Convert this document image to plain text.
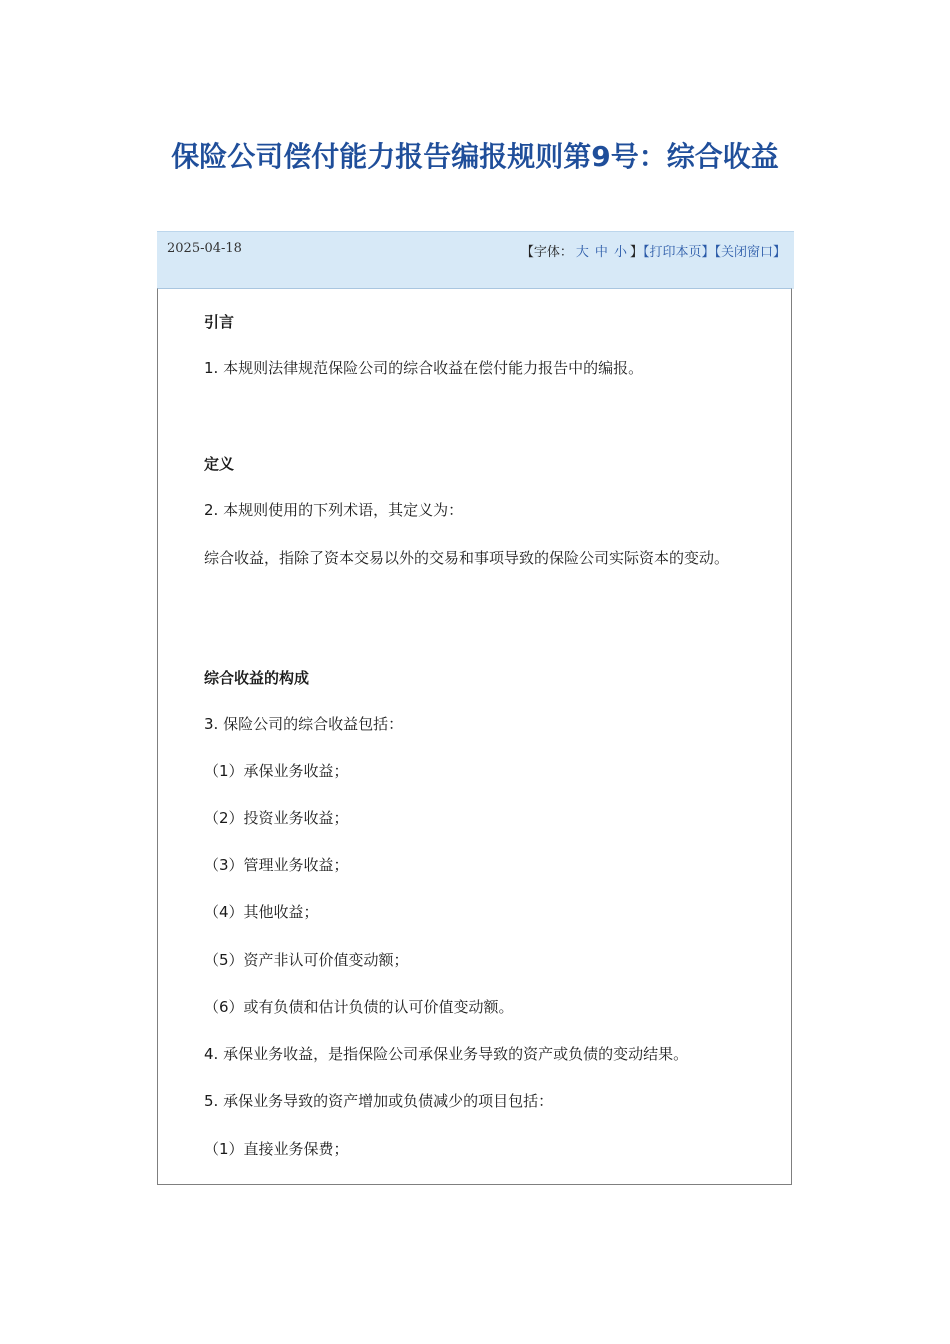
保险公司偿付能力报告编报规则第9号：综合收益
2025-04-18	【字体： 大 中 小 】【打印本页】【关闭窗口】

引言

1. 本规则法律规范保险公司的综合收益在偿付能力报告中的编报。

定义

2. 本规则使用的下列术语，其定义为：

综合收益，指除了资本交易以外的交易和事项导致的保险公司实际资本的变动。

综合收益的构成

3. 保险公司的综合收益包括：

（1）承保业务收益；

（2）投资业务收益；

（3）管理业务收益；

（4）其他收益；

（5）资产非认可价值变动额；

（6）或有负债和估计负债的认可价值变动额。

4. 承保业务收益，是指保险公司承保业务导致的资产或负债的变动结果。

5. 承保业务导致的资产增加或负债减少的项目包括：

（1）直接业务保费；
